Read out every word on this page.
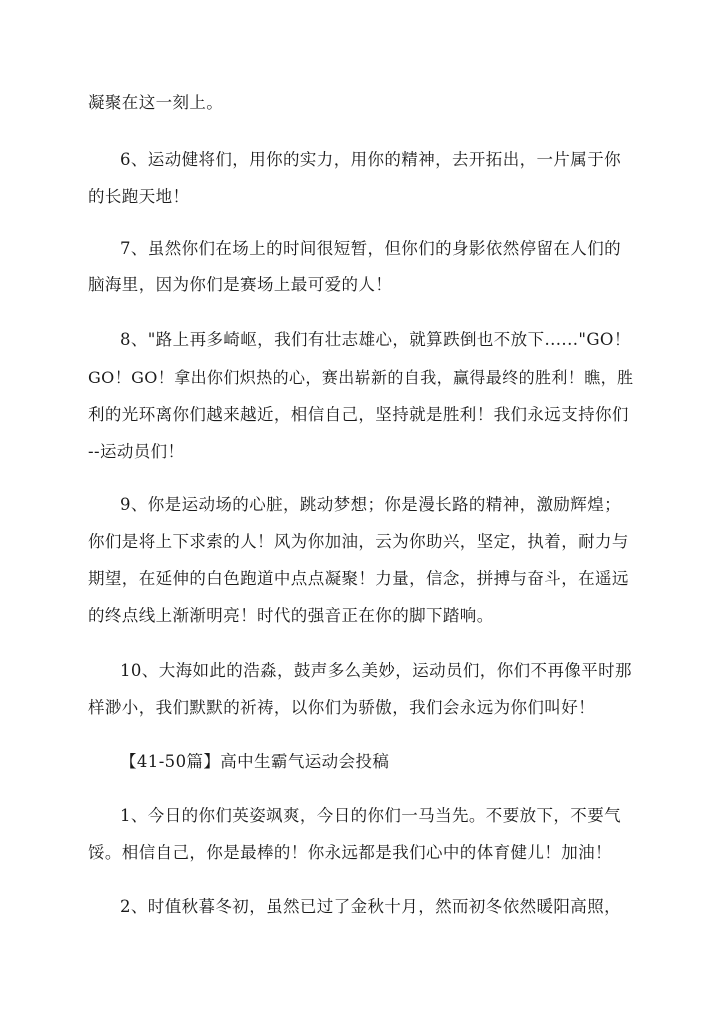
凝聚在这一刻上。
6、运动健将们，用你的实力，用你的精神，去开拓出，一片属于你
的长跑天地！
7、虽然你们在场上的时间很短暂，但你们的身影依然停留在人们的
脑海里，因为你们是赛场上最可爱的人！
8、"路上再多崎岖，我们有壮志雄心，就算跌倒也不放下......"GO！
GO！GO！拿出你们炽热的心，赛出崭新的自我，赢得最终的胜利！瞧，胜
利的光环离你们越来越近，相信自己，坚持就是胜利！我们永远支持你们
--运动员们！
9、你是运动场的心脏，跳动梦想；你是漫长路的精神，激励辉煌；
你们是将上下求索的人！风为你加油，云为你助兴，坚定，执着，耐力与
期望，在延伸的白色跑道中点点凝聚！力量，信念，拼搏与奋斗，在遥远
的终点线上渐渐明亮！时代的强音正在你的脚下踏响。
10、大海如此的浩淼，鼓声多么美妙，运动员们，你们不再像平时那
样渺小，我们默默的祈祷，以你们为骄傲，我们会永远为你们叫好！
【41-50篇】高中生霸气运动会投稿
1、今日的你们英姿飒爽，今日的你们一马当先。不要放下，不要气
馁。相信自己，你是最棒的！你永远都是我们心中的体育健儿！加油！
2、时值秋暮冬初，虽然已过了金秋十月，然而初冬依然暖阳高照，
